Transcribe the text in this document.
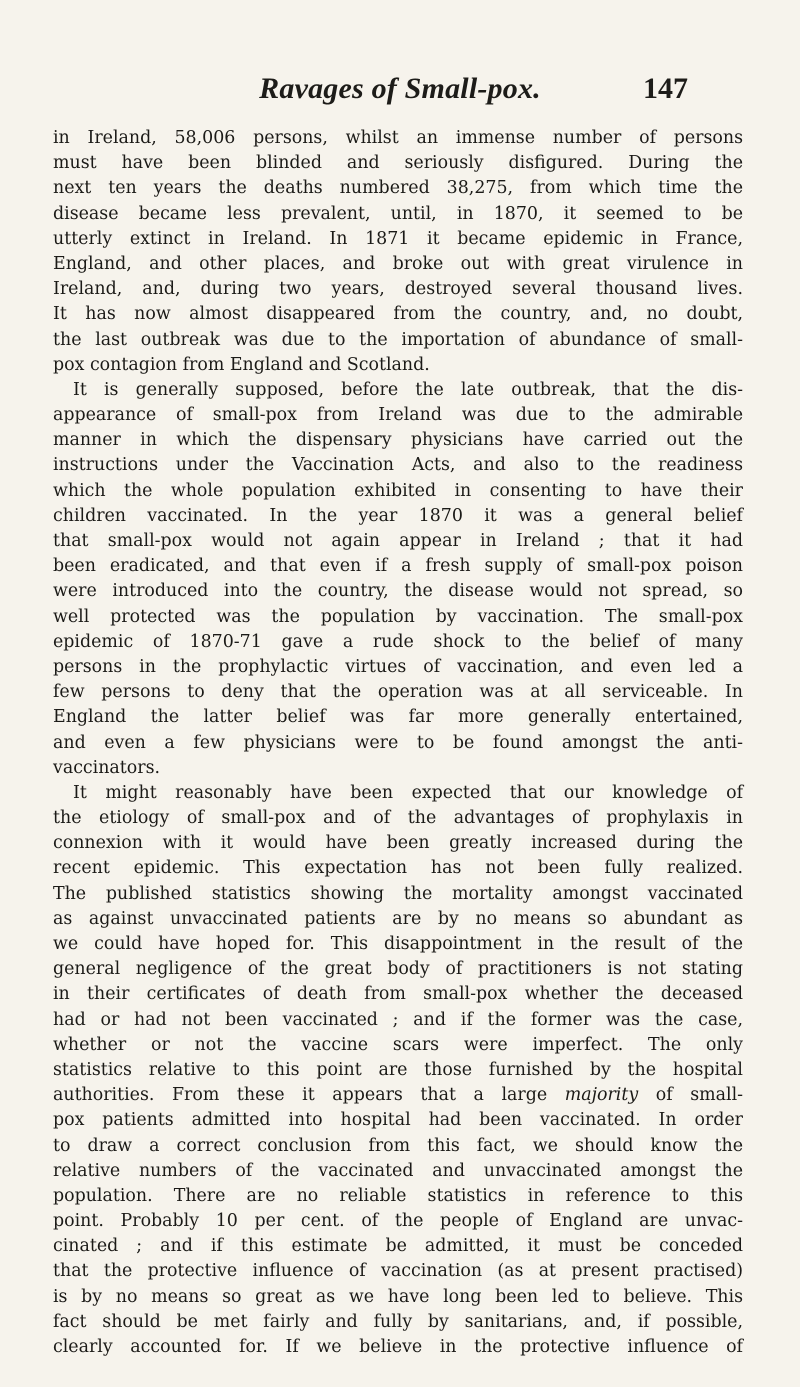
Ravages of Small-pox.	147
in Ireland, 58,006 persons, whilst an immense number of persons
must have been blinded and seriously disfigured. During the
next ten years the deaths numbered 38,275, from which time the
disease became less prevalent, until, in 1870, it seemed to be
utterly extinct in Ireland. In 1871 it became epidemic in France,
England, and other places, and broke out with great virulence in
Ireland, and, during two years, destroyed several thousand lives.
It has now almost disappeared from the country, and, no doubt,
the last outbreak was due to the importation of abundance of small-
pox contagion from England and Scotland.
It is generally supposed, before the late outbreak, that the dis-
appearance of small-pox from Ireland was due to the admirable
manner in which the dispensary physicians have carried out the
instructions under the Vaccination Acts, and also to the readiness
which the whole population exhibited in consenting to have their
children vaccinated. In the year 1870 it was a general belief
that small-pox would not again appear in Ireland ; that it had
been eradicated, and that even if a fresh supply of small-pox poison
were introduced into the country, the disease would not spread, so
well protected was the population by vaccination. The small-pox
epidemic of 1870-71 gave a rude shock to the belief of many
persons in the prophylactic virtues of vaccination, and even led a
few persons to deny that the operation was at all serviceable. In
England the latter belief was far more generally entertained,
and even a few physicians were to be found amongst the anti-
vaccinators.
It might reasonably have been expected that our knowledge of
the etiology of small-pox and of the advantages of prophylaxis in
connexion with it would have been greatly increased during the
recent epidemic. This expectation has not been fully realized.
The published statistics showing the mortality amongst vaccinated
as against unvaccinated patients are by no means so abundant as
we could have hoped for. This disappointment in the result of the
general negligence of the great body of practitioners is not stating
in their certificates of death from small-pox whether the deceased
had or had not been vaccinated ; and if the former was the case,
whether or not the vaccine scars were imperfect. The only
statistics relative to this point are those furnished by the hospital
authorities. From these it appears that a large majority of small-
pox patients admitted into hospital had been vaccinated. In order
to draw a correct conclusion from this fact, we should know the
relative numbers of the vaccinated and unvaccinated amongst the
population. There are no reliable statistics in reference to this
point. Probably 10 per cent. of the people of England are unvac-
cinated ; and if this estimate be admitted, it must be conceded
that the protective influence of vaccination (as at present practised)
is by no means so great as we have long been led to believe. This
fact should be met fairly and fully by sanitarians, and, if possible,
clearly accounted for. If we believe in the protective influence of
